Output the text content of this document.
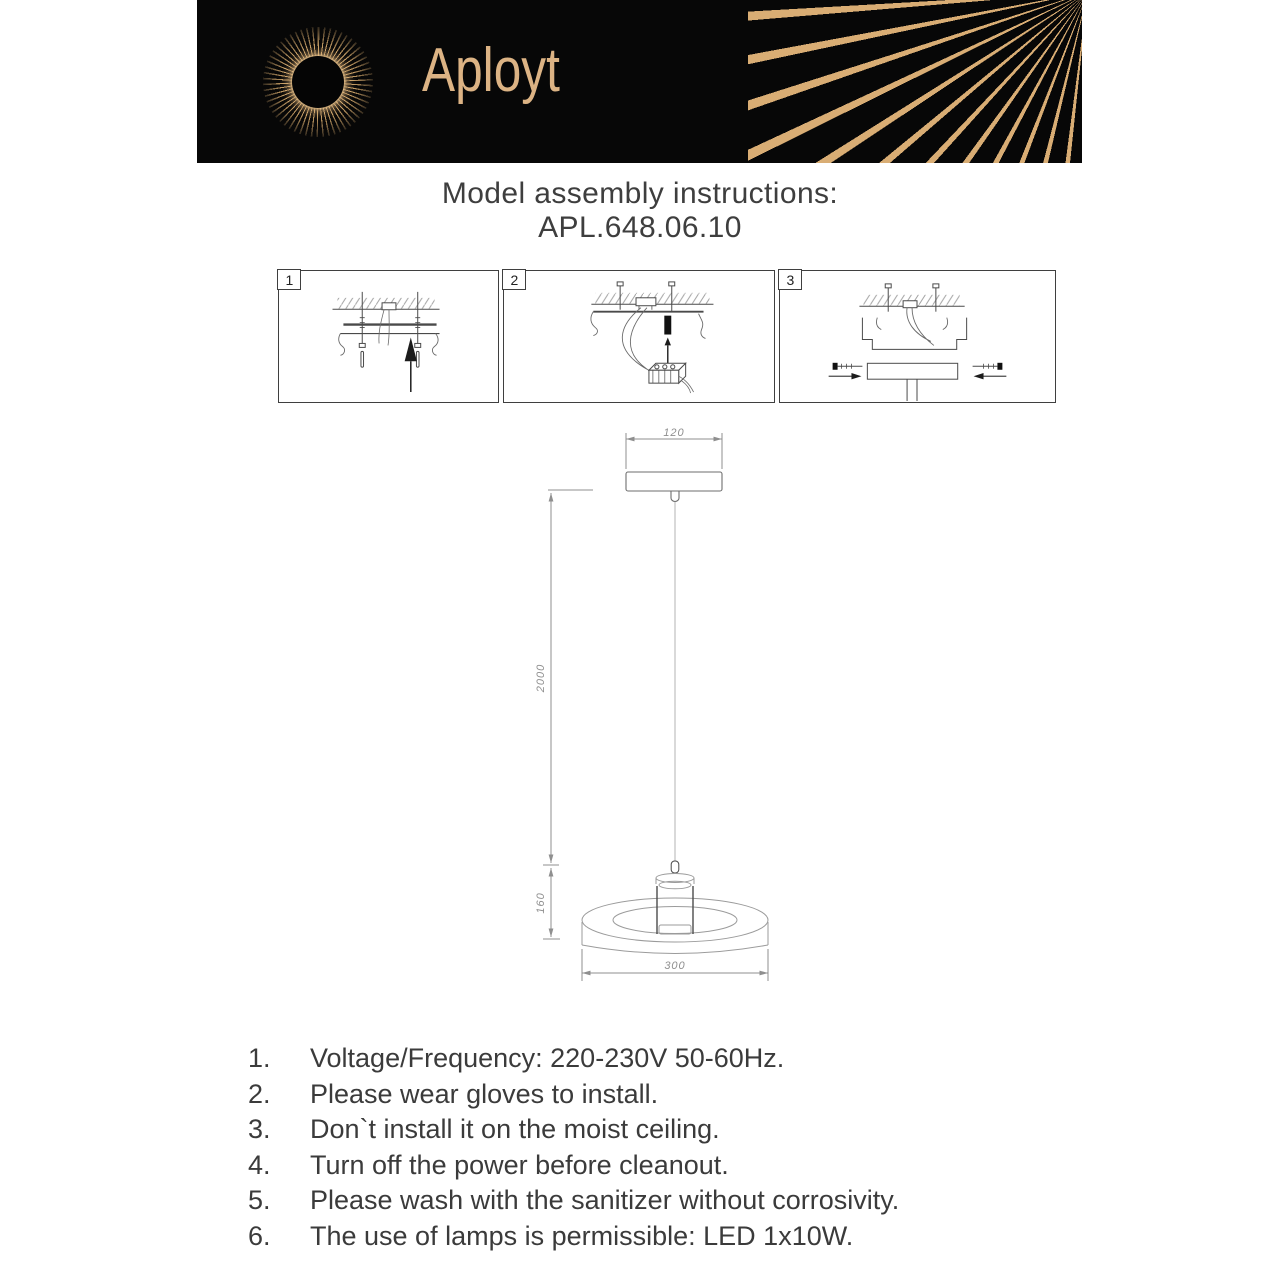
Aployt
Model assembly instructions:
APL.648.06.10
1	2	3
120
2000
160
300
1.	Voltage/Frequency: 220-230V 50-60Hz.
2.	Please wear gloves to install.
3.	Don`t install it on the moist ceiling.
4.	Turn off the power before cleanout.
5.	Please wash with the sanitizer without corrosivity.
6.	The use of lamps is permissible: LED 1x10W.
